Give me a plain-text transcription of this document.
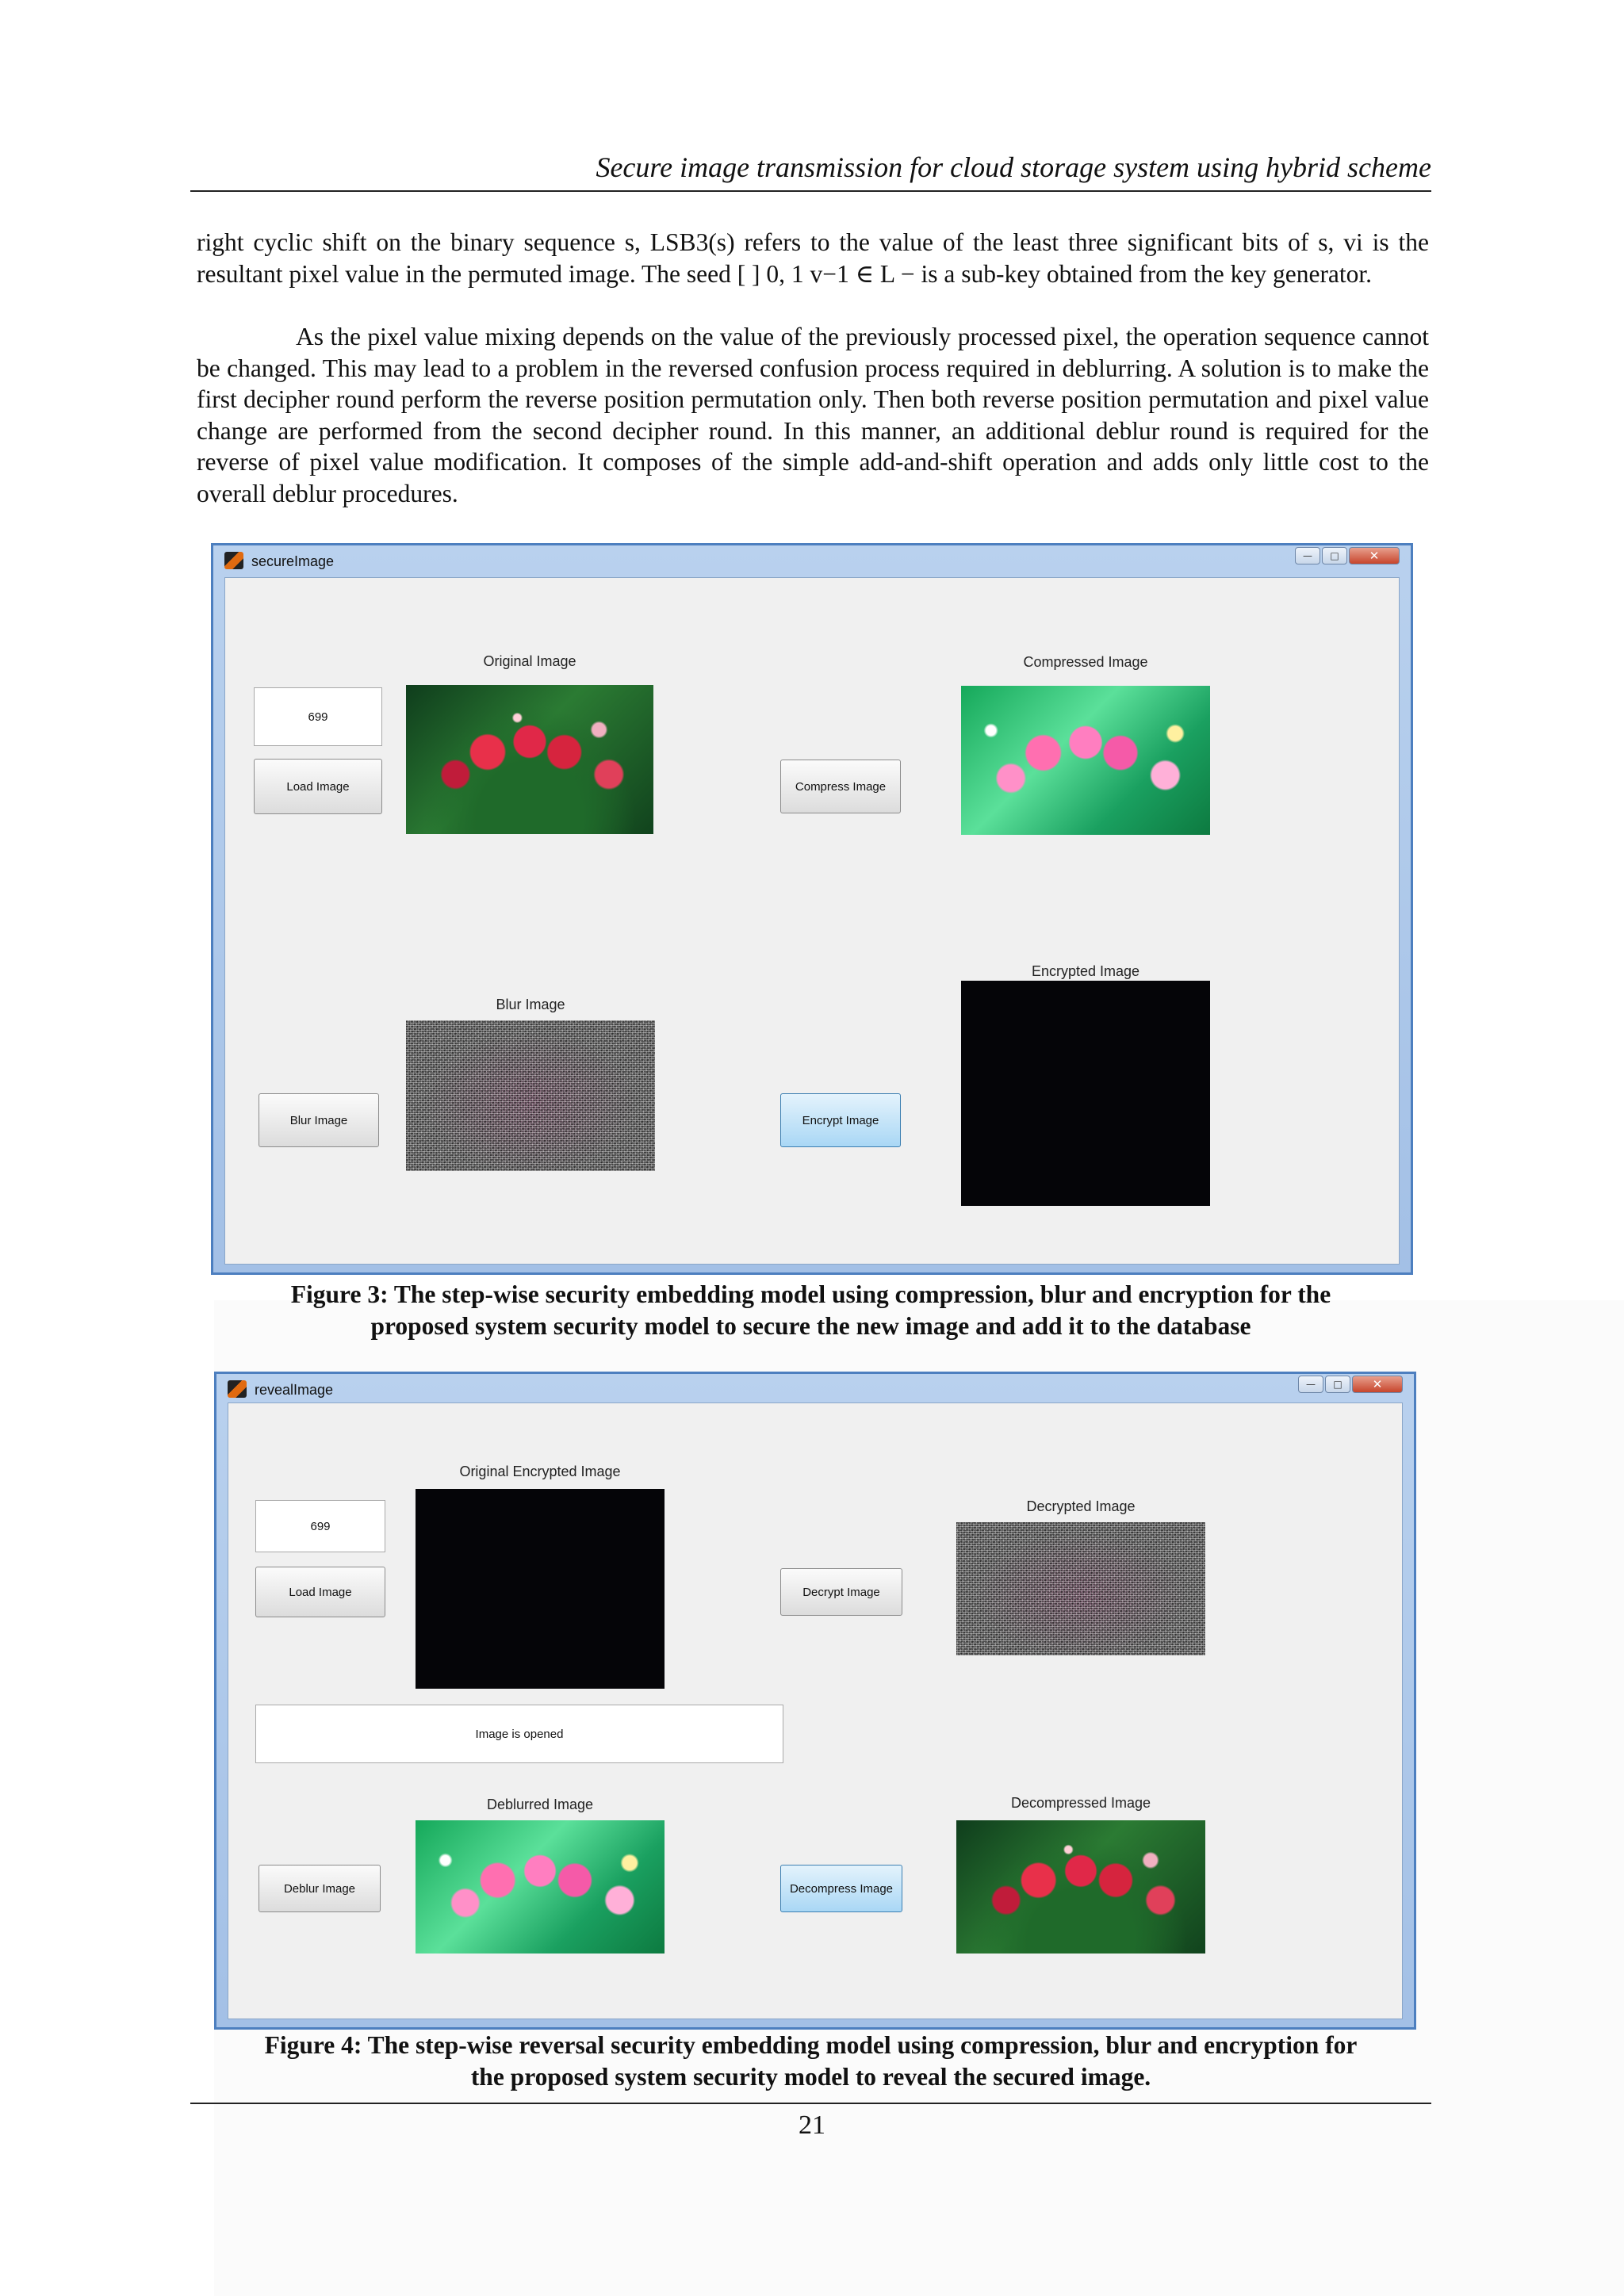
Secure image transmission for cloud storage system using hybrid scheme
right cyclic shift on the binary sequence s, LSB3(s) refers to the value of the least three significant bits of s, vi is the resultant pixel value in the permuted image. The seed [ ] 0, 1 v−1 ∈ L − is a sub-key obtained from the key generator.
As the pixel value mixing depends on the value of the previously processed pixel, the operation sequence cannot be changed. This may lead to a problem in the reversed confusion process required in deblurring. A solution is to make the first decipher round perform the reverse position permutation only. Then both reverse position permutation and pixel value change are performed from the second decipher round. In this manner, an additional deblur round is required for the reverse of pixel value modification. It composes of the simple add-and-shift operation and adds only little cost to the overall deblur procedures.
secureImage	—	□	✕
699
Load Image
Original Image
Compress Image
Compressed Image
Blur Image
Blur Image
Encrypted Image
Encrypt Image
Figure 3: The step-wise security embedding model using compression, blur and encryption for the
proposed system security model to secure the new image and add it to the database
revealImage	—	□	✕
699
Load Image
Original Encrypted Image
Decrypt Image
Decrypted Image
Image is opened
Deblurred Image
Deblur Image	Decompress Image
Decompressed Image
Figure 4: The step-wise reversal security embedding model using compression, blur and encryption for
the proposed system security model to reveal the secured image.
21
